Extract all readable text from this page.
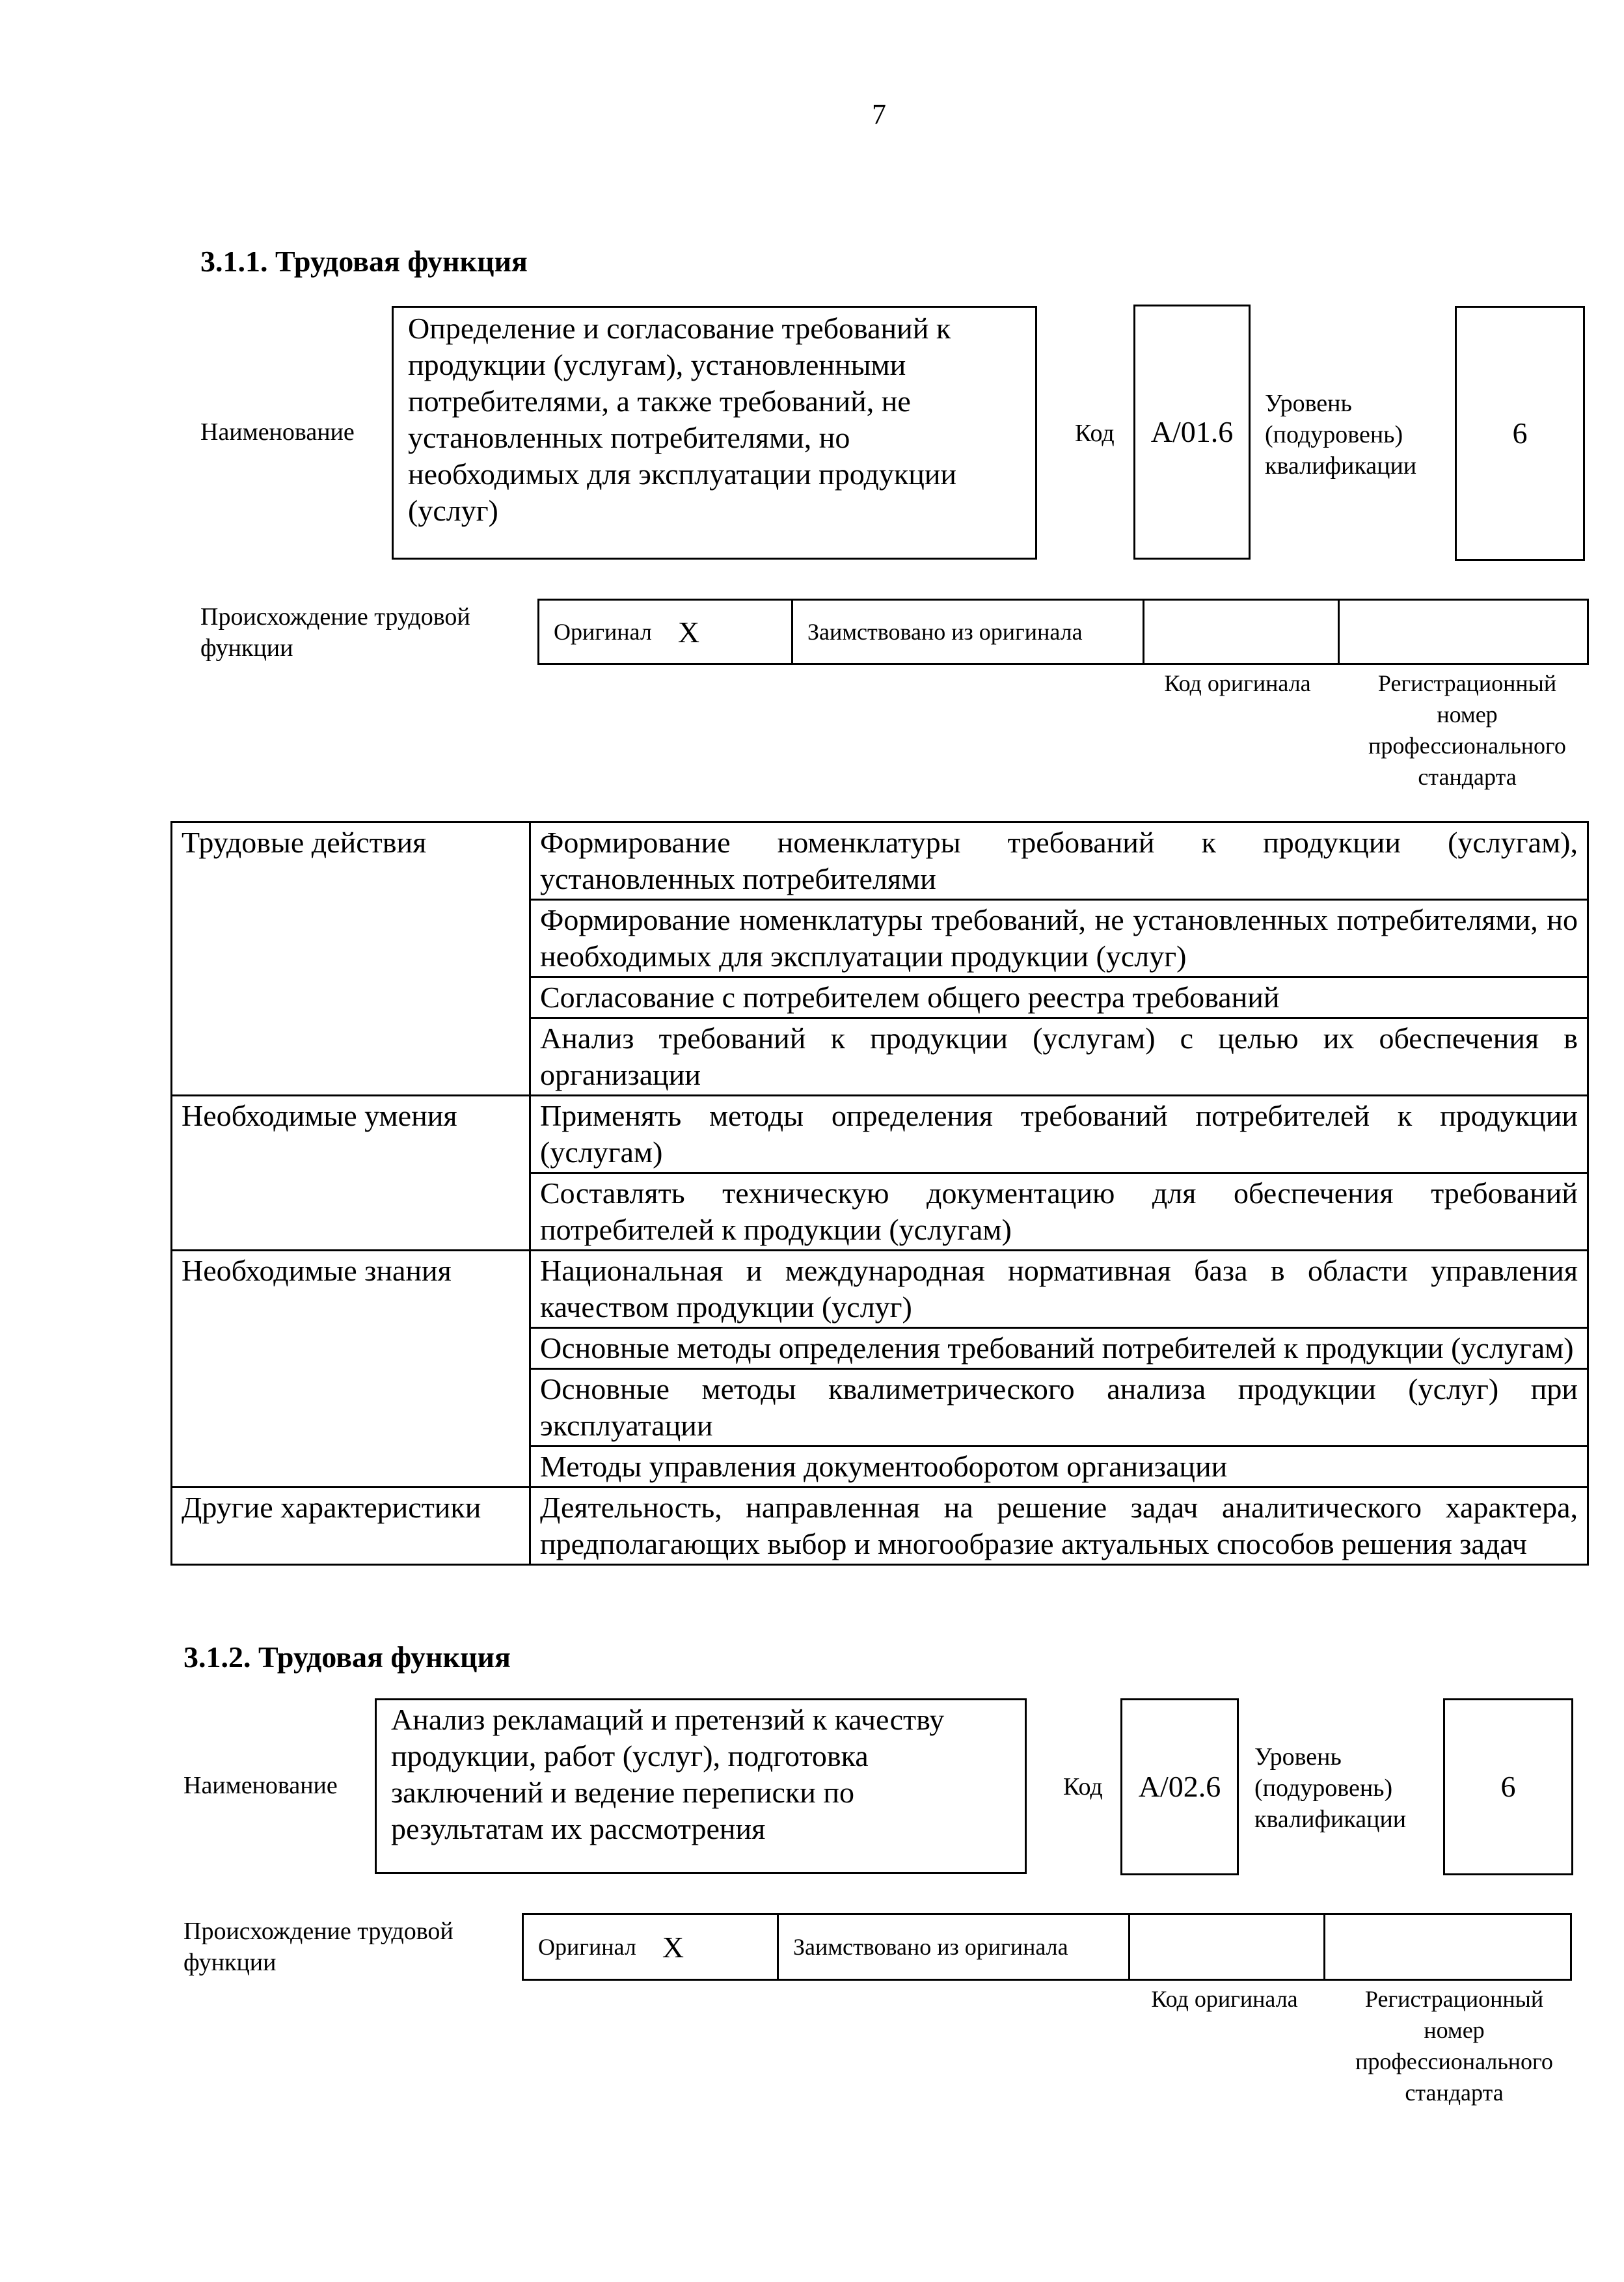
7
3.1.1. Трудовая функция
Наименование
Определение и согласование требований к продукции (услугам), установленными потребителями, а также требований, не установленных потребителями, но необходимых для эксплуатации продукции (услуг)
Код А/01.6
Уровень (подуровень) квалификации
6
Происхождение трудовой функции
Оригинал Х	Заимствовано из оригинала
Код оригинала	Регистрационный номер профессионального стандарта
Трудовые действия	Формирование номенклатуры требований к продукции (услугам), установленных потребителями
	Формирование номенклатуры требований, не установленных потребителями, но необходимых для эксплуатации продукции (услуг)
	Согласование с потребителем общего реестра требований
	Анализ требований к продукции (услугам) с целью их обеспечения в организации
Необходимые умения	Применять методы определения требований потребителей к продукции (услугам)
	Составлять техническую документацию для обеспечения требований потребителей к продукции (услугам)
Необходимые знания	Национальная и международная нормативная база в области управления качеством продукции (услуг)
	Основные методы определения требований потребителей к продукции (услугам)
	Основные методы квалиметрического анализа продукции (услуг) при эксплуатации
	Методы управления документооборотом организации
Другие характеристики	Деятельность, направленная на решение задач аналитического характера, предполагающих выбор и многообразие актуальных способов решения задач
3.1.2. Трудовая функция
Наименование
Анализ рекламаций и претензий к качеству продукции, работ (услуг), подготовка заключений и ведение переписки по результатам их рассмотрения
Код А/02.6
Уровень (подуровень) квалификации
6
Происхождение трудовой функции
Оригинал Х	Заимствовано из оригинала
Код оригинала	Регистрационный номер профессионального стандарта
